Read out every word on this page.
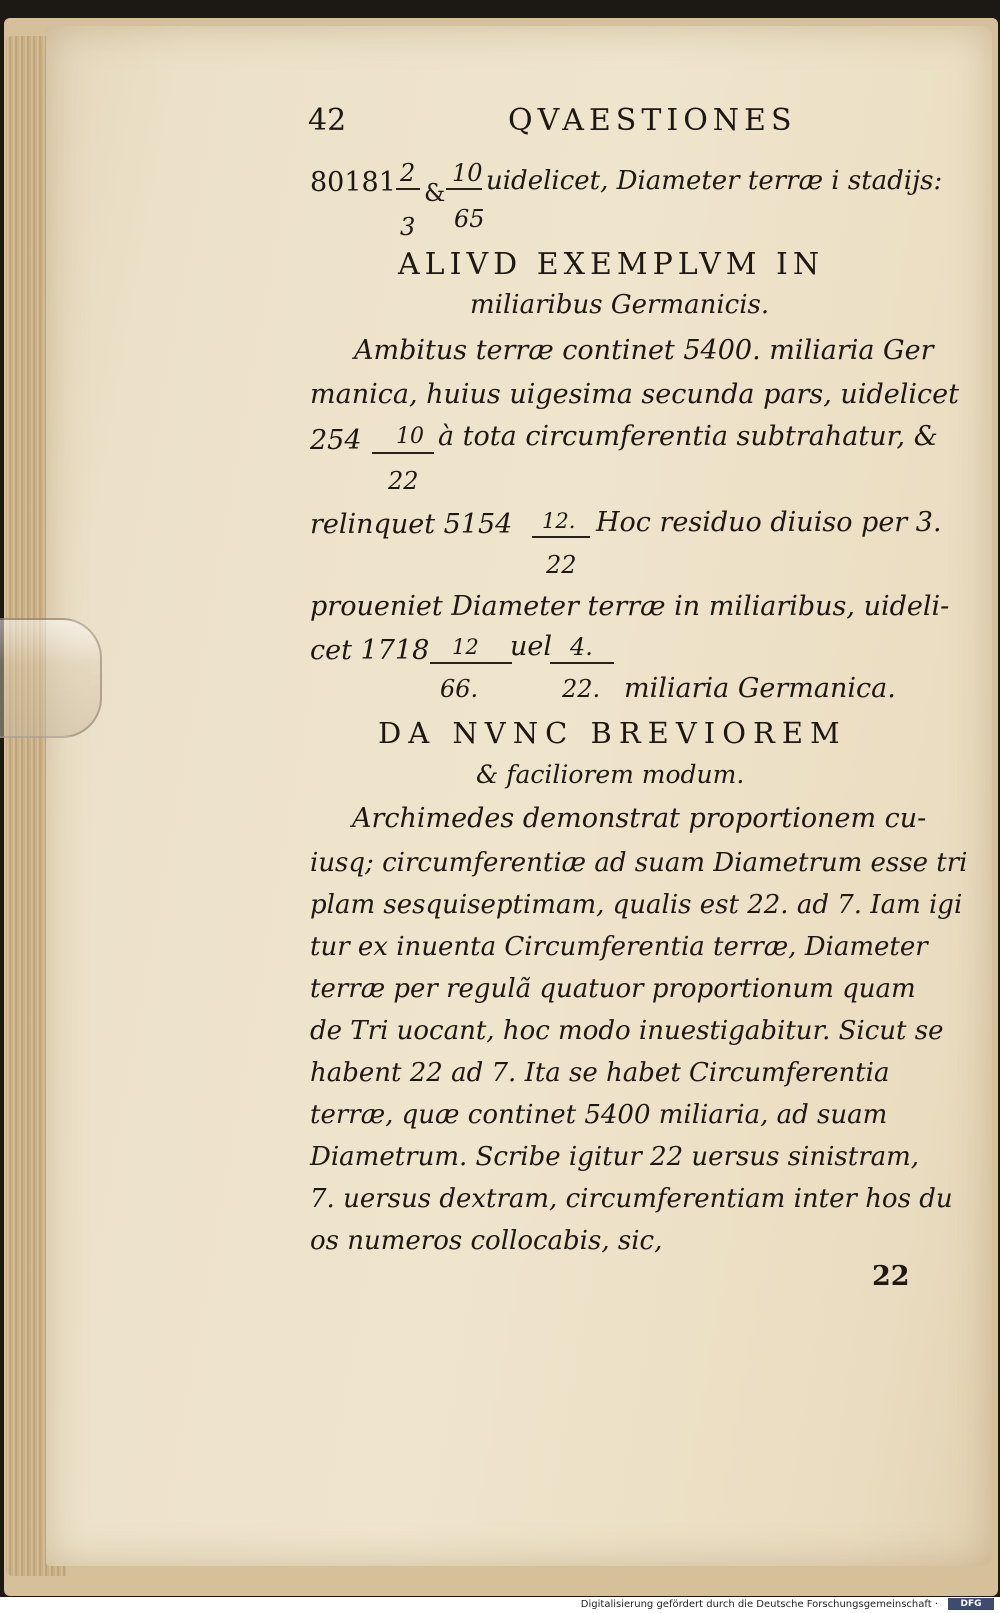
42	QVAESTIONES
80181 2
&
10 uidelicet, Diameter terræ i stadijs:
3 65
ALIVD EXEMPLVM IN
miliaribus Germanicis.
Ambitus terræ continet 5400. miliaria Ger
manica, huius uigesima secunda pars, uidelicet
254 10 à tota circumferentia subtrahatur, &
22
relinquet 5154 12. Hoc residuo diuiso per 3.
22
proueniet Diameter terræ in miliaribus, uideli-
cet 1718 12 uel 4.
66.	22. miliaria Germanica.
DA NVNC BREVIOREM
& faciliorem modum.
Archimedes demonstrat proportionem cu-
iusq; circumferentiæ ad suam Diametrum esse tri
plam sesquiseptimam, qualis est 22. ad 7. Iam igi
tur ex inuenta Circumferentia terræ, Diameter
terræ per regulã quatuor proportionum quam
de Tri uocant, hoc modo inuestigabitur. Sicut se
habent 22 ad 7. Ita se habet Circumferentia
terræ, quæ continet 5400 miliaria, ad suam
Diametrum. Scribe igitur 22 uersus sinistram,
7. uersus dextram, circumferentiam inter hos du
os numeros collocabis, sic,
22
Digitalisierung gefördert durch die Deutsche Forschungsgemeinschaft ·	DFG
